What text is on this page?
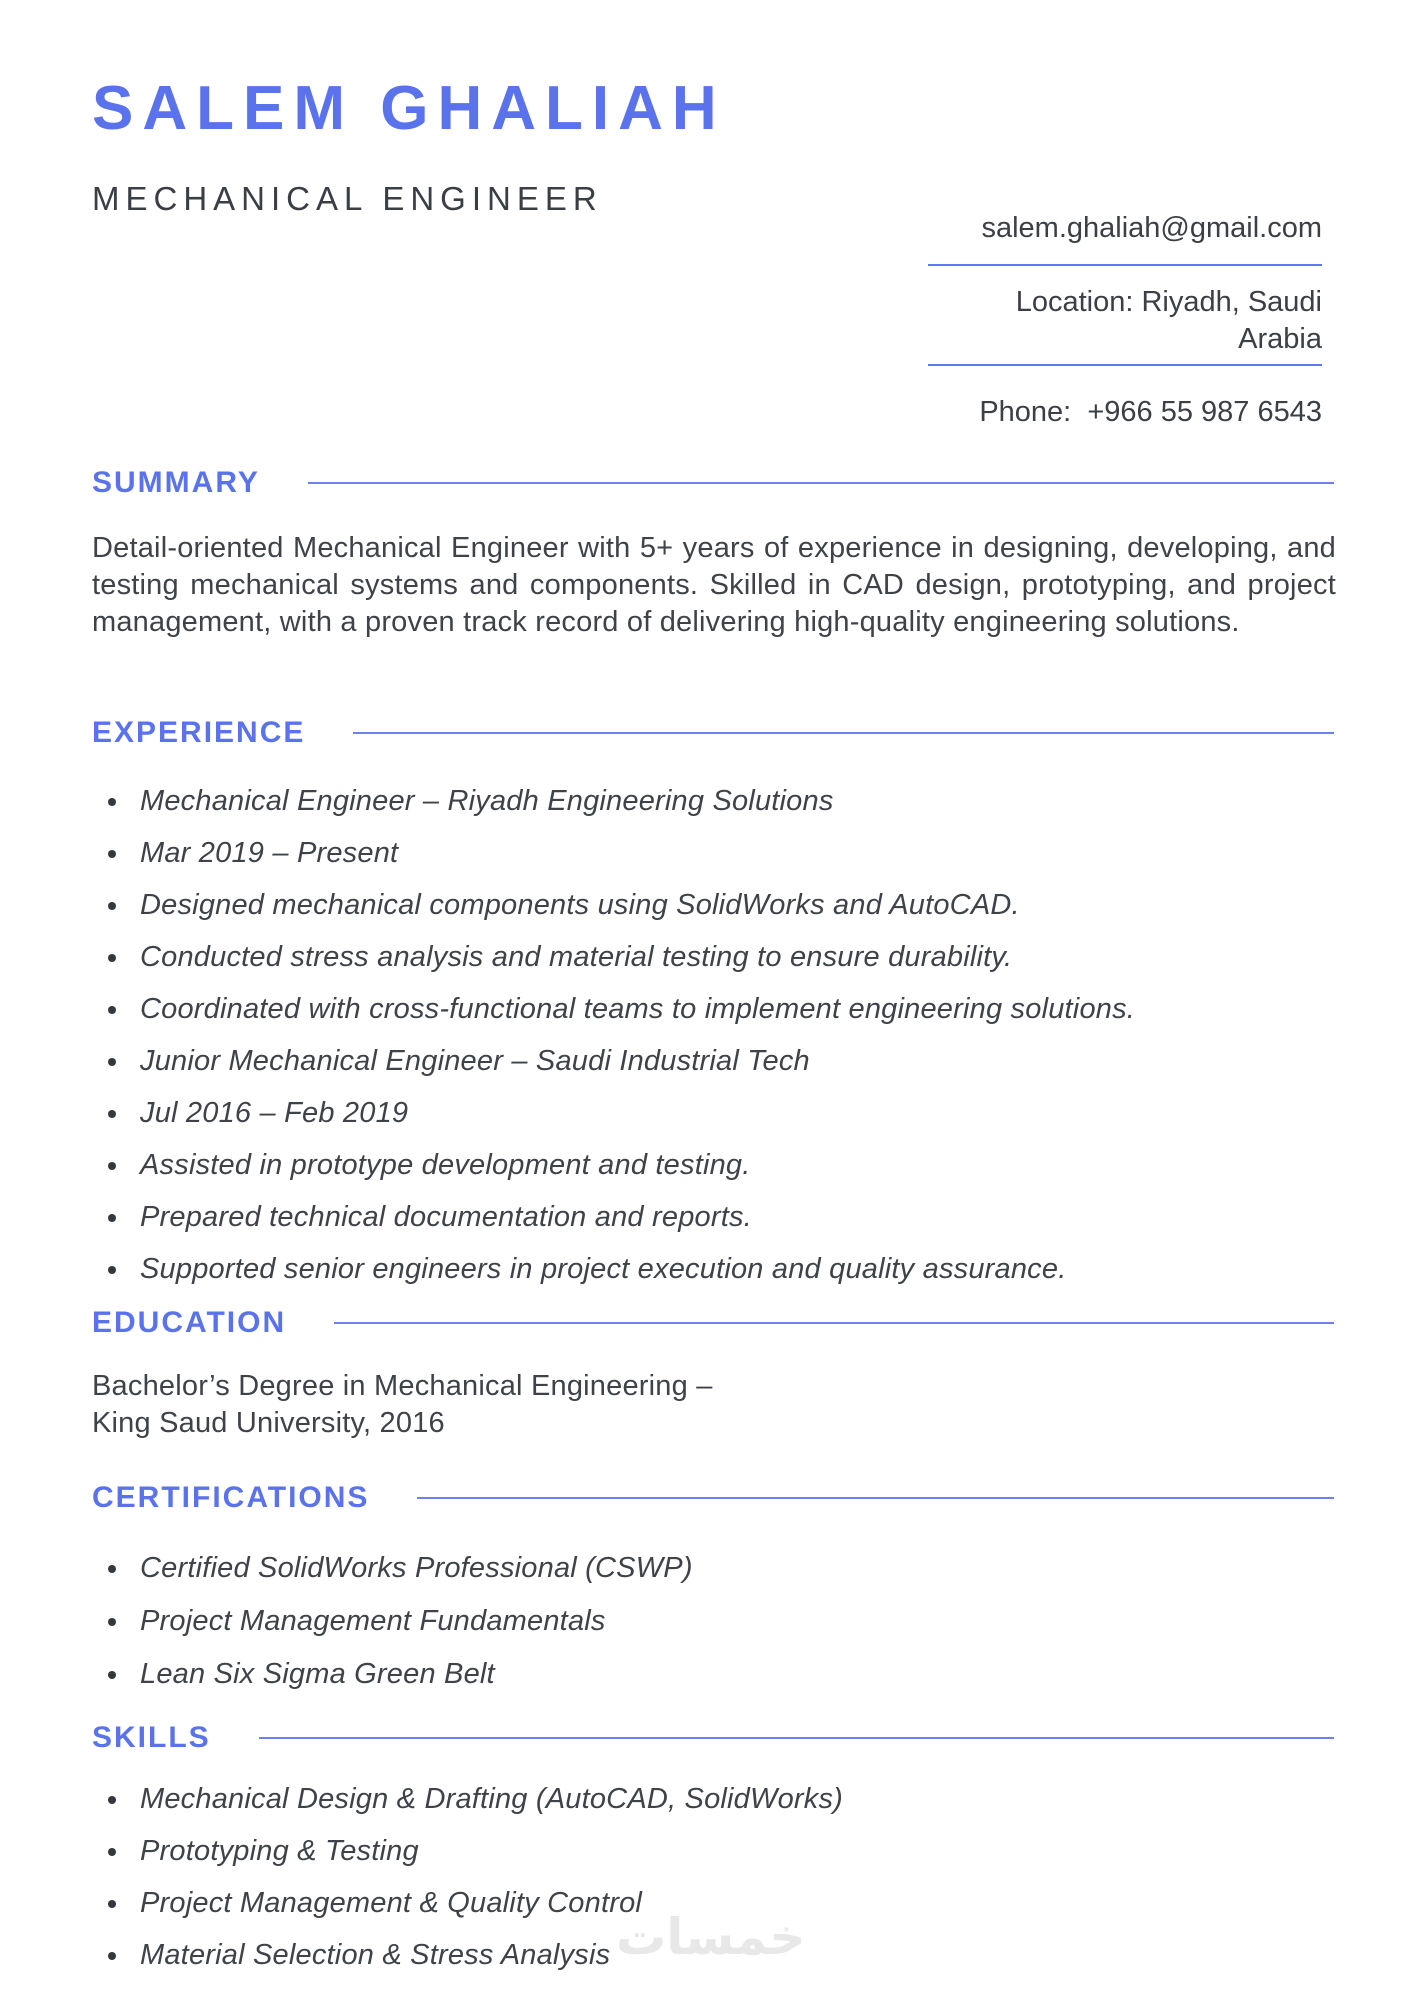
SALEM GHALIAH
MECHANICAL ENGINEER
salem.ghaliah@gmail.com
Location: Riyadh, Saudi Arabia
Phone:  +966 55 987 6543
SUMMARY
Detail-oriented Mechanical Engineer with 5+ years of experience in designing, developing, and testing mechanical systems and components. Skilled in CAD design, prototyping, and project management, with a proven track record of delivering high-quality engineering solutions.
EXPERIENCE
Mechanical Engineer – Riyadh Engineering Solutions
Mar 2019 – Present
Designed mechanical components using SolidWorks and AutoCAD.
Conducted stress analysis and material testing to ensure durability.
Coordinated with cross-functional teams to implement engineering solutions.
Junior Mechanical Engineer – Saudi Industrial Tech
Jul 2016 – Feb 2019
Assisted in prototype development and testing.
Prepared technical documentation and reports.
Supported senior engineers in project execution and quality assurance.
EDUCATION
Bachelor’s Degree in Mechanical Engineering –
King Saud University, 2016
CERTIFICATIONS
Certified SolidWorks Professional (CSWP)
Project Management Fundamentals
Lean Six Sigma Green Belt
SKILLS
Mechanical Design & Drafting (AutoCAD, SolidWorks)
Prototyping & Testing
Project Management & Quality Control
Material Selection & Stress Analysis خمسات
